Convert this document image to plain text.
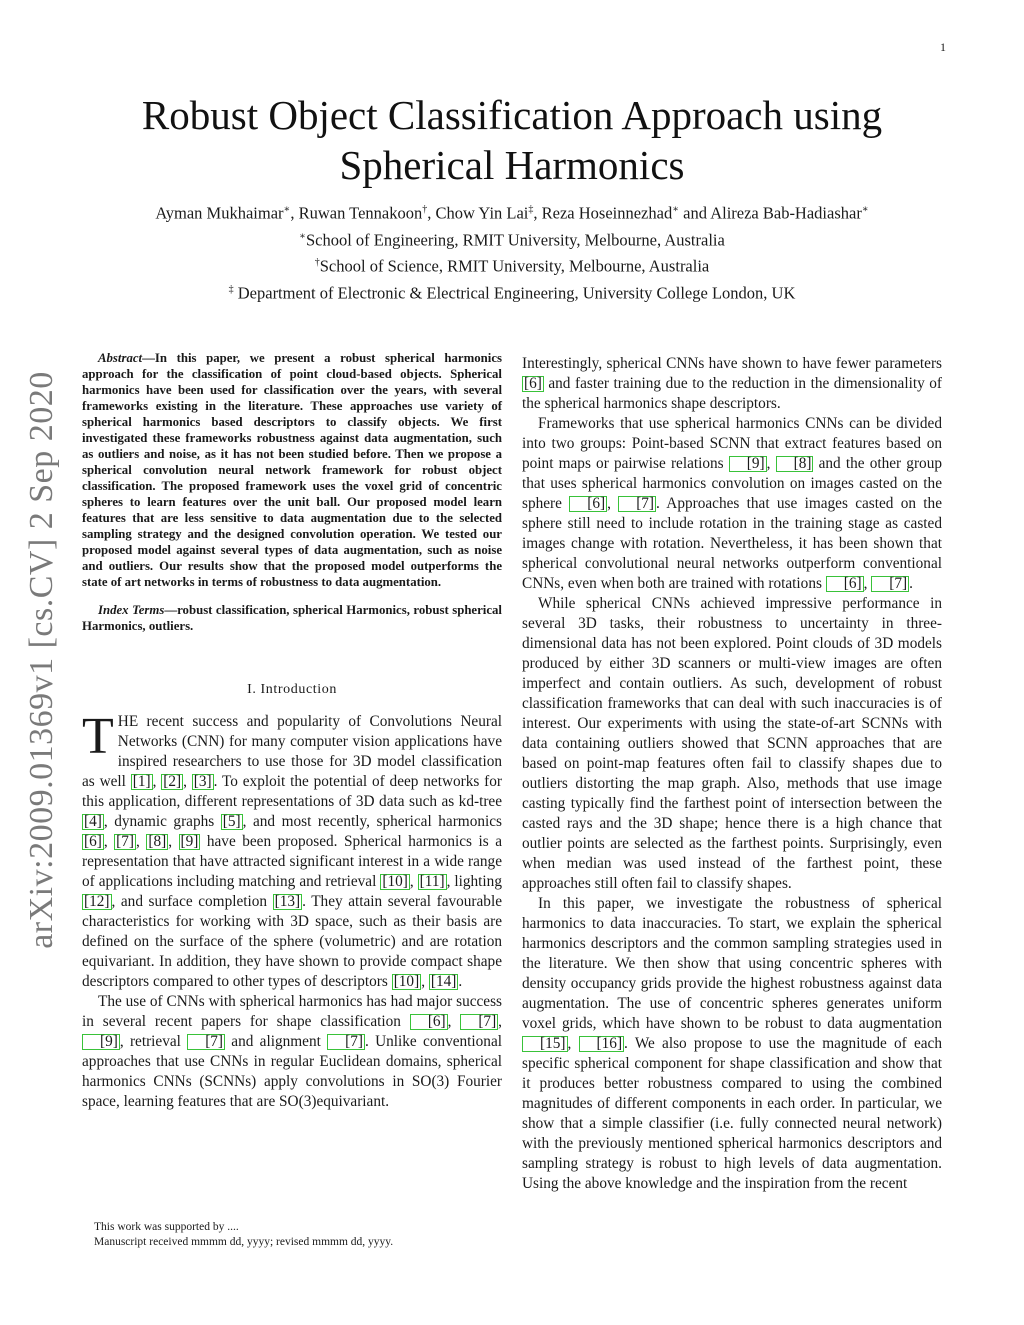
1
arXiv:2009.01369v1 [cs.CV] 2 Sep 2020
Robust Object Classification Approach using Spherical Harmonics
Ayman Mukhaimar∗, Ruwan Tennakoon†, Chow Yin Lai‡, Reza Hoseinnezhad∗ and Alireza Bab-Hadiashar∗
∗School of Engineering, RMIT University, Melbourne, Australia
†School of Science, RMIT University, Melbourne, Australia
‡ Department of Electronic & Electrical Engineering, University College London, UK

Abstract—In this paper, we present a robust spherical harmonics approach for the classification of point cloud-based objects. Spherical harmonics have been used for classification over the years, with several frameworks existing in the literature. These approaches use variety of spherical harmonics based descriptors to classify objects. We first investigated these frameworks robustness against data augmentation, such as outliers and noise, as it has not been studied before. Then we propose a spherical convolution neural network framework for robust object classification. The proposed framework uses the voxel grid of concentric spheres to learn features over the unit ball. Our proposed model learn features that are less sensitive to data augmentation due to the selected sampling strategy and the designed convolution operation. We tested our proposed model against several types of data augmentation, such as noise and outliers. Our results show that the proposed model outperforms the state of art networks in terms of robustness to data augmentation.

Index Terms—robust classification, spherical Harmonics, robust spherical Harmonics, outliers.

I. Introduction

THE recent success and popularity of Convolutions Neural Networks (CNN) for many computer vision applications have inspired researchers to use those for 3D model classification as well [1] , [2] , [3] . To exploit the potential of deep networks for this application, different representations of 3D data such as kd-tree [4] , dynamic graphs [5] , and most recently, spherical harmonics [6] , [7] , [8] , [9] have been proposed. Spherical harmonics is a representation that have attracted significant interest in a wide range of applications including matching and retrieval [10] , [11] , lighting [12] , and surface completion [13] . They attain several favourable characteristics for working with 3D space, such as their basis are defined on the surface of the sphere (volumetric) and are rotation equivariant. In addition, they have shown to provide compact shape descriptors compared to other types of descriptors [10] , [14] .

The use of CNNs with spherical harmonics has had major success in several recent papers for shape classification [6] , [7] , [9] , retrieval [7] and alignment [7] . Unlike conventional approaches that use CNNs in regular Euclidean domains, spherical harmonics CNNs (SCNNs) apply convolutions in SO(3) Fourier space, learning features that are SO(3)equivariant.

Interestingly, spherical CNNs have shown to have fewer parameters [6] and faster training due to the reduction in the dimensionality of the spherical harmonics shape descriptors.

Frameworks that use spherical harmonics CNNs can be divided into two groups: Point-based SCNN that extract features based on point maps or pairwise relations [9] , [8] and the other group that uses spherical harmonics convolution on images casted on the sphere [6] , [7] . Approaches that use images casted on the sphere still need to include rotation in the training stage as casted images change with rotation. Nevertheless, it has been shown that spherical convolutional neural networks outperform conventional CNNs, even when both are trained with rotations [6] , [7] .

While spherical CNNs achieved impressive performance in several 3D tasks, their robustness to uncertainty in three-dimensional data has not been explored. Point clouds of 3D models produced by either 3D scanners or multi-view images are often imperfect and contain outliers. As such, development of robust classification frameworks that can deal with such inaccuracies is of interest. Our experiments with using the state-of-art SCNNs with data containing outliers showed that SCNN approaches that are based on point-map features often fail to classify shapes due to outliers distorting the map graph. Also, methods that use image casting typically find the farthest point of intersection between the casted rays and the 3D shape; hence there is a high chance that outlier points are selected as the farthest points. Surprisingly, even when median was used instead of the farthest point, these approaches still often fail to classify shapes.

In this paper, we investigate the robustness of spherical harmonics to data inaccuracies. To start, we explain the spherical harmonics descriptors and the common sampling strategies used in the literature. We then show that using concentric spheres with density occupancy grids provide the highest robustness against data augmentation. The use of concentric spheres generates uniform voxel grids, which have shown to be robust to data augmentation [15] , [16] . We also propose to use the magnitude of each specific spherical component for shape classification and show that it produces better robustness compared to using the combined magnitudes of different components in each order. In particular, we show that a simple classifier (i.e. fully connected neural network) with the previously mentioned spherical harmonics descriptors and sampling strategy is robust to high levels of data augmentation. Using the above knowledge and the inspiration from the recent

This work was supported by ....
Manuscript received mmmm dd, yyyy; revised mmmm dd, yyyy.
